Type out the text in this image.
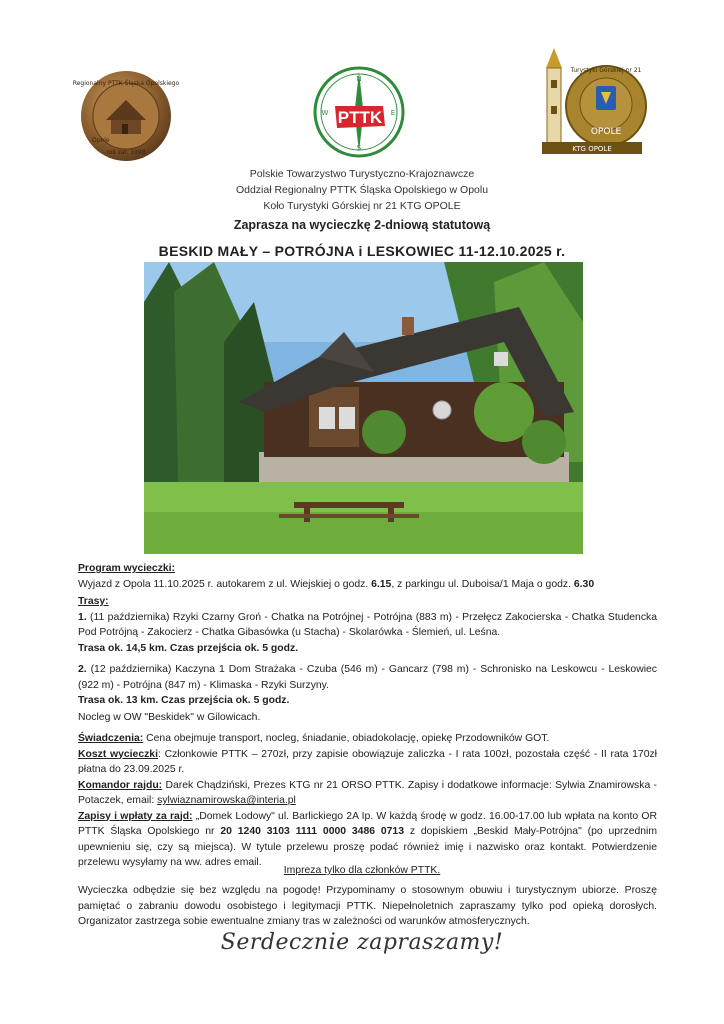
Regionalny PTTK Śląska Opolskiego
rok zał. 1998
Opole
PTTK
N
S
E
W
Turystyki Górskiej nr 21
OPOLE
KTG OPOLE
Polskie Towarzystwo Turystyczno-Krajoznawcze
Oddział Regionalny PTTK Śląska Opolskiego w Opolu
Koło Turystyki Górskiej nr 21 KTG OPOLE
Zaprasza na wycieczkę 2-dniową statutową
BESKID MAŁY – POTRÓJNA i LESKOWIEC 11-12.10.2025 r.

Program wycieczki:

Wyjazd z Opola 11.10.2025 r. autokarem z ul. Wiejskiej o godz. 6.15, z parkingu ul. Duboisa/1 Maja o godz. 6.30

Trasy:

1. (11 października) Rzyki Czarny Groń - Chatka na Potrójnej - Potrójna (883 m) - Przełęcz Zakocierska - Chatka Studencka Pod Potrójną - Zakocierz - Chatka Gibasówka (u Stacha) - Skolarówka - Ślemień, ul. Leśna.

Trasa ok. 14,5 km. Czas przejścia ok. 5 godz.

2. (12 października) Kaczyna 1 Dom Strażaka - Czuba (546 m) - Gancarz (798 m) - Schronisko na Leskowcu - Leskowiec (922 m) - Potrójna (847 m) - Klimaska - Rzyki Surzyny.

Trasa ok. 13 km. Czas przejścia ok. 5 godz.

Nocleg w OW "Beskidek" w Gilowicach.

Świadczenia: Cena obejmuje transport, nocleg, śniadanie, obiadokolację, opiekę Przodowników GOT.

Koszt wycieczki: Członkowie PTTK – 270zł, przy zapisie obowiązuje zaliczka - I rata 100zł, pozostała część - II rata 170zł płatna do 23.09.2025 r.

Komandor rajdu: Darek Chądziński, Prezes KTG nr 21 ORSO PTTK. Zapisy i dodatkowe informacje: Sylwia Znamirowska -Potaczek, email: sylwiaznamirowska@interia.pl

Zapisy i wpłaty za rajd: „Domek Lodowy" ul. Barlickiego 2A Ip. W każdą środę w godz. 16.00-17.00 lub wpłata na konto OR PTTK Śląska Opolskiego nr 20 1240 3103 1111 0000 3486 0713 z dopiskiem „Beskid Mały-Potrójna" (po uprzednim upewnieniu się, czy są miejsca). W tytule przelewu proszę podać również imię i nazwisko oraz kontakt. Potwierdzenie przelewu wysyłamy na ww. adres email.

Impreza tylko dla członków PTTK.
Wycieczka odbędzie się bez względu na pogodę! Przypominamy o stosownym obuwiu i turystycznym ubiorze. Proszę pamiętać o zabraniu dowodu osobistego i legitymacji PTTK. Niepełnoletnich zapraszamy tylko pod opieką dorosłych. Organizator zastrzega sobie ewentualne zmiany tras w zależności od warunków atmosferycznych.
Serdecznie zapraszamy!
